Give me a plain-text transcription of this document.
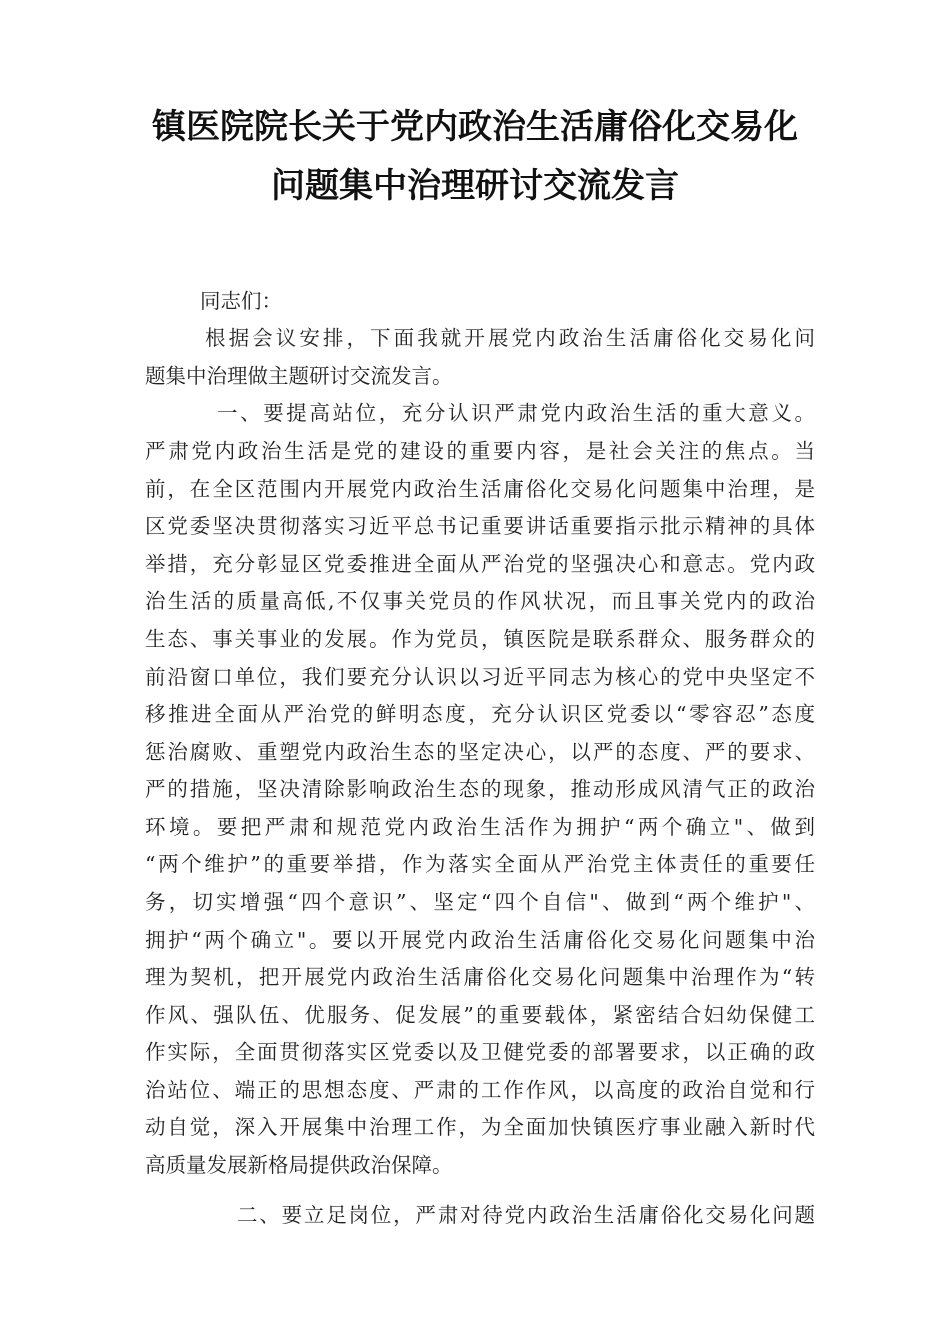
镇医院院长关于党内政治生活庸俗化交易化
问题集中治理研讨交流发言
同志们：
根据会议安排，下面我就开展党内政治生活庸俗化交易化问
题集中治理做主题研讨交流发言。
一、要提高站位，充分认识严肃党内政治生活的重大意义。
严肃党内政治生活是党的建设的重要内容，是社会关注的焦点。当
前，在全区范围内开展党内政治生活庸俗化交易化问题集中治理，是
区党委坚决贯彻落实习近平总书记重要讲话重要指示批示精神的具体
举措，充分彰显区党委推进全面从严治党的坚强决心和意志。党内政
治生活的质量高低,不仅事关党员的作风状况，而且事关党内的政治
生态、事关事业的发展。作为党员，镇医院是联系群众、服务群众的
前沿窗口单位，我们要充分认识以习近平同志为核心的党中央坚定不
移推进全面从严治党的鲜明态度，充分认识区党委以“零容忍”态度
惩治腐败、重塑党内政治生态的坚定决心，以严的态度、严的要求、
严的措施，坚决清除影响政治生态的现象，推动形成风清气正的政治
环境。要把严肃和规范党内政治生活作为拥护“两个确立"、做到
“两个维护”的重要举措，作为落实全面从严治党主体责任的重要任
务，切实增强“四个意识”、坚定“四个自信"、做到“两个维护"、
拥护“两个确立"。要以开展党内政治生活庸俗化交易化问题集中治
理为契机，把开展党内政治生活庸俗化交易化问题集中治理作为“转
作风、强队伍、优服务、促发展”的重要载体，紧密结合妇幼保健工
作实际，全面贯彻落实区党委以及卫健党委的部署要求，以正确的政
治站位、端正的思想态度、严肃的工作作风，以高度的政治自觉和行
动自觉，深入开展集中治理工作，为全面加快镇医疗事业融入新时代
高质量发展新格局提供政治保障。
二、要立足岗位，严肃对待党内政治生活庸俗化交易化问题
